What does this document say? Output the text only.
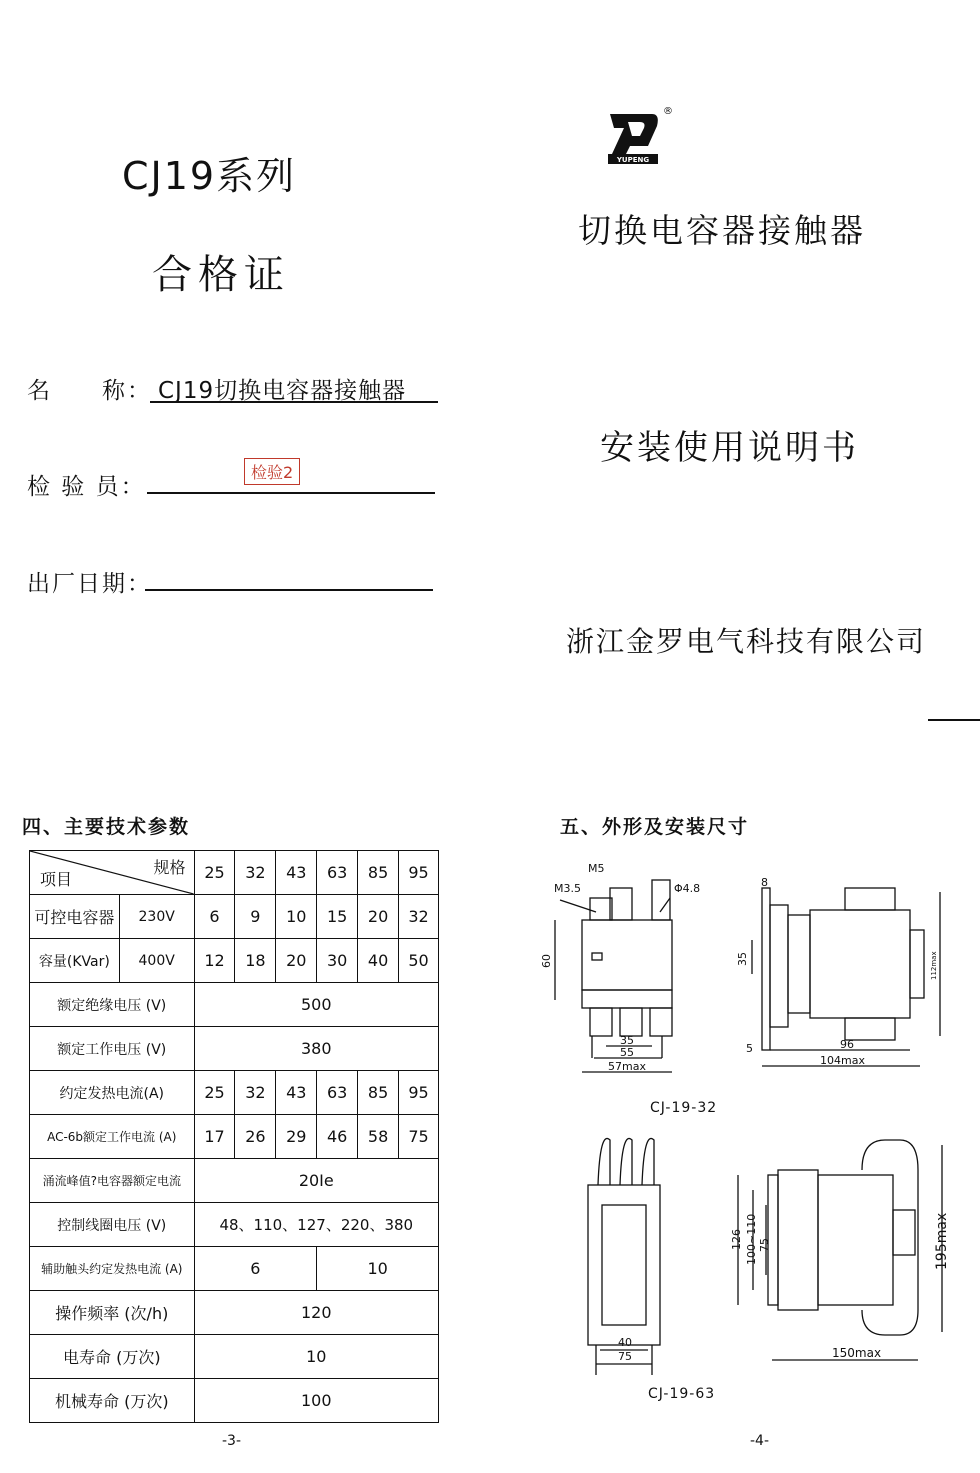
CJ19系列
合格证
名　　称： CJ19切换电容器接触器
检 验 员：
检验2
出厂日期：
YUPENG
®
切换电容器接触器
安装使用说明书
浙江金罗电气科技有限公司
四、主要技术参数
规格
项目		25	32	43	63	85	95
可控电容器	230V	6	9	10	15	20	32
容量(KVar)	400V	12	18	20	30	40	50
额定绝缘电压 (V)		500					
额定工作电压 (V)		380					
约定发热电流(A)		25	32	43	63	85	95
AC-6b额定工作电流 (A)		17	26	29	46	58	75
涌流峰值?电容器额定电流		20Ie					
控制线圈电压 (V)		48、110、127、220、380					
辅助触头约定发热电流 (A)		6			10		
操作频率 (次/h)		120					
电寿命 (万次)		10					
机械寿命 (万次)		100					
-3-
五、外形及安装尺寸
M5
M3.5	Φ4.8
60
35
55
57max
8
35	112max
5	96
104max
40
75
126 100~110 75	195max
150max
CJ-19-32
CJ-19-63
-4-
